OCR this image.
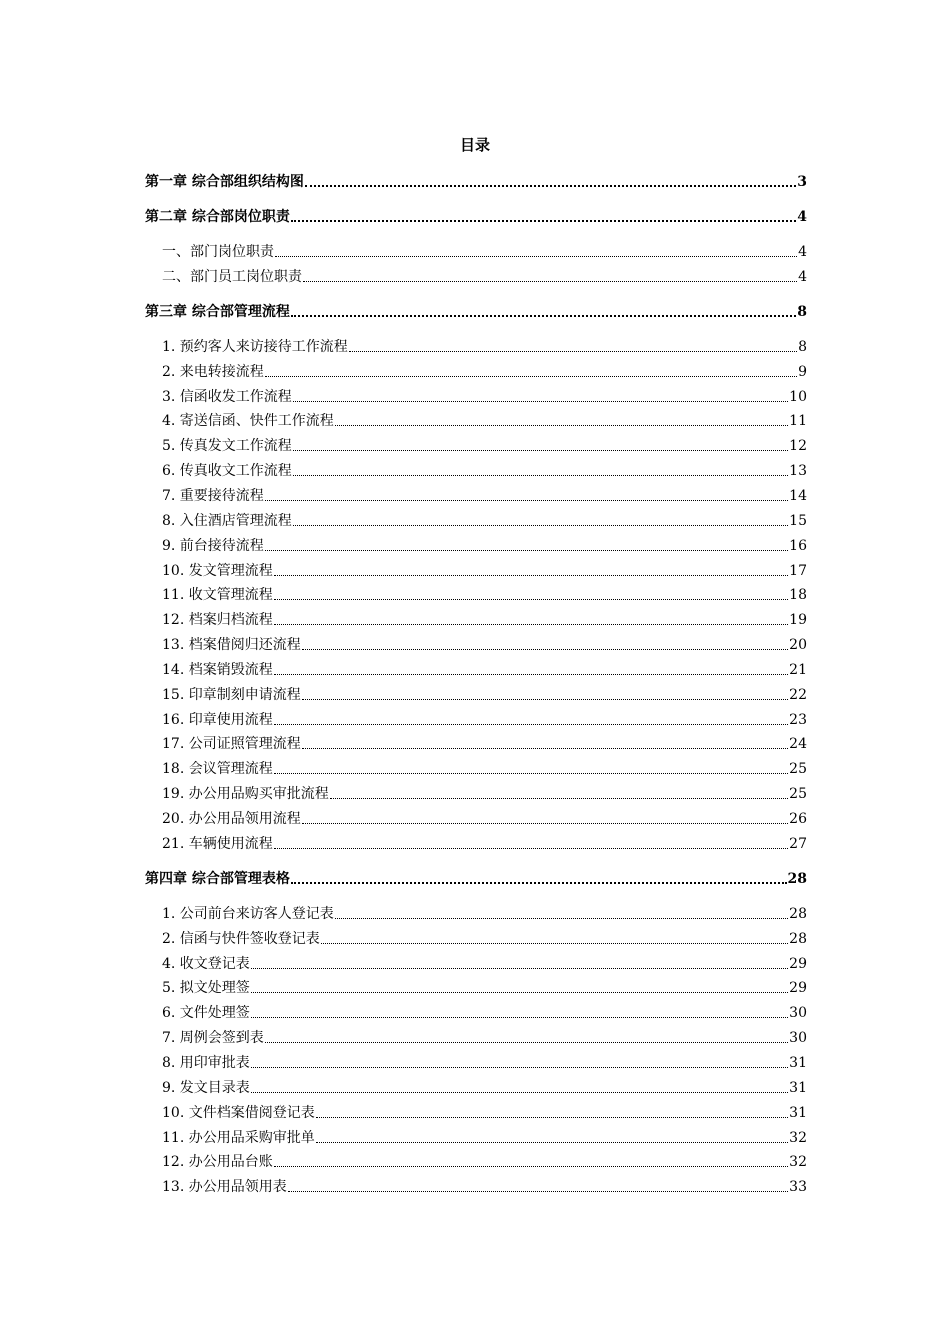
目录
第一章 综合部组织结构图	3
第二章 综合部岗位职责	4
一、部门岗位职责	4
二、部门员工岗位职责	4
第三章 综合部管理流程	8
1. 预约客人来访接待工作流程	8
2. 来电转接流程	9
3. 信函收发工作流程	10
4. 寄送信函、快件工作流程	11
5. 传真发文工作流程	12
6. 传真收文工作流程	13
7. 重要接待流程	14
8. 入住酒店管理流程	15
9. 前台接待流程	16
10. 发文管理流程	17
11. 收文管理流程	18
12. 档案归档流程	19
13. 档案借阅归还流程	20
14. 档案销毁流程	21
15. 印章制刻申请流程	22
16. 印章使用流程	23
17. 公司证照管理流程	24
18. 会议管理流程	25
19. 办公用品购买审批流程	25
20. 办公用品领用流程	26
21. 车辆使用流程	27
第四章 综合部管理表格	28
1. 公司前台来访客人登记表	28
2. 信函与快件签收登记表	28
4. 收文登记表	29
5. 拟文处理签	29
6. 文件处理签	30
7. 周例会签到表	30
8. 用印审批表	31
9. 发文目录表	31
10. 文件档案借阅登记表	31
11. 办公用品采购审批单	32
12. 办公用品台账	32
13. 办公用品领用表	33
